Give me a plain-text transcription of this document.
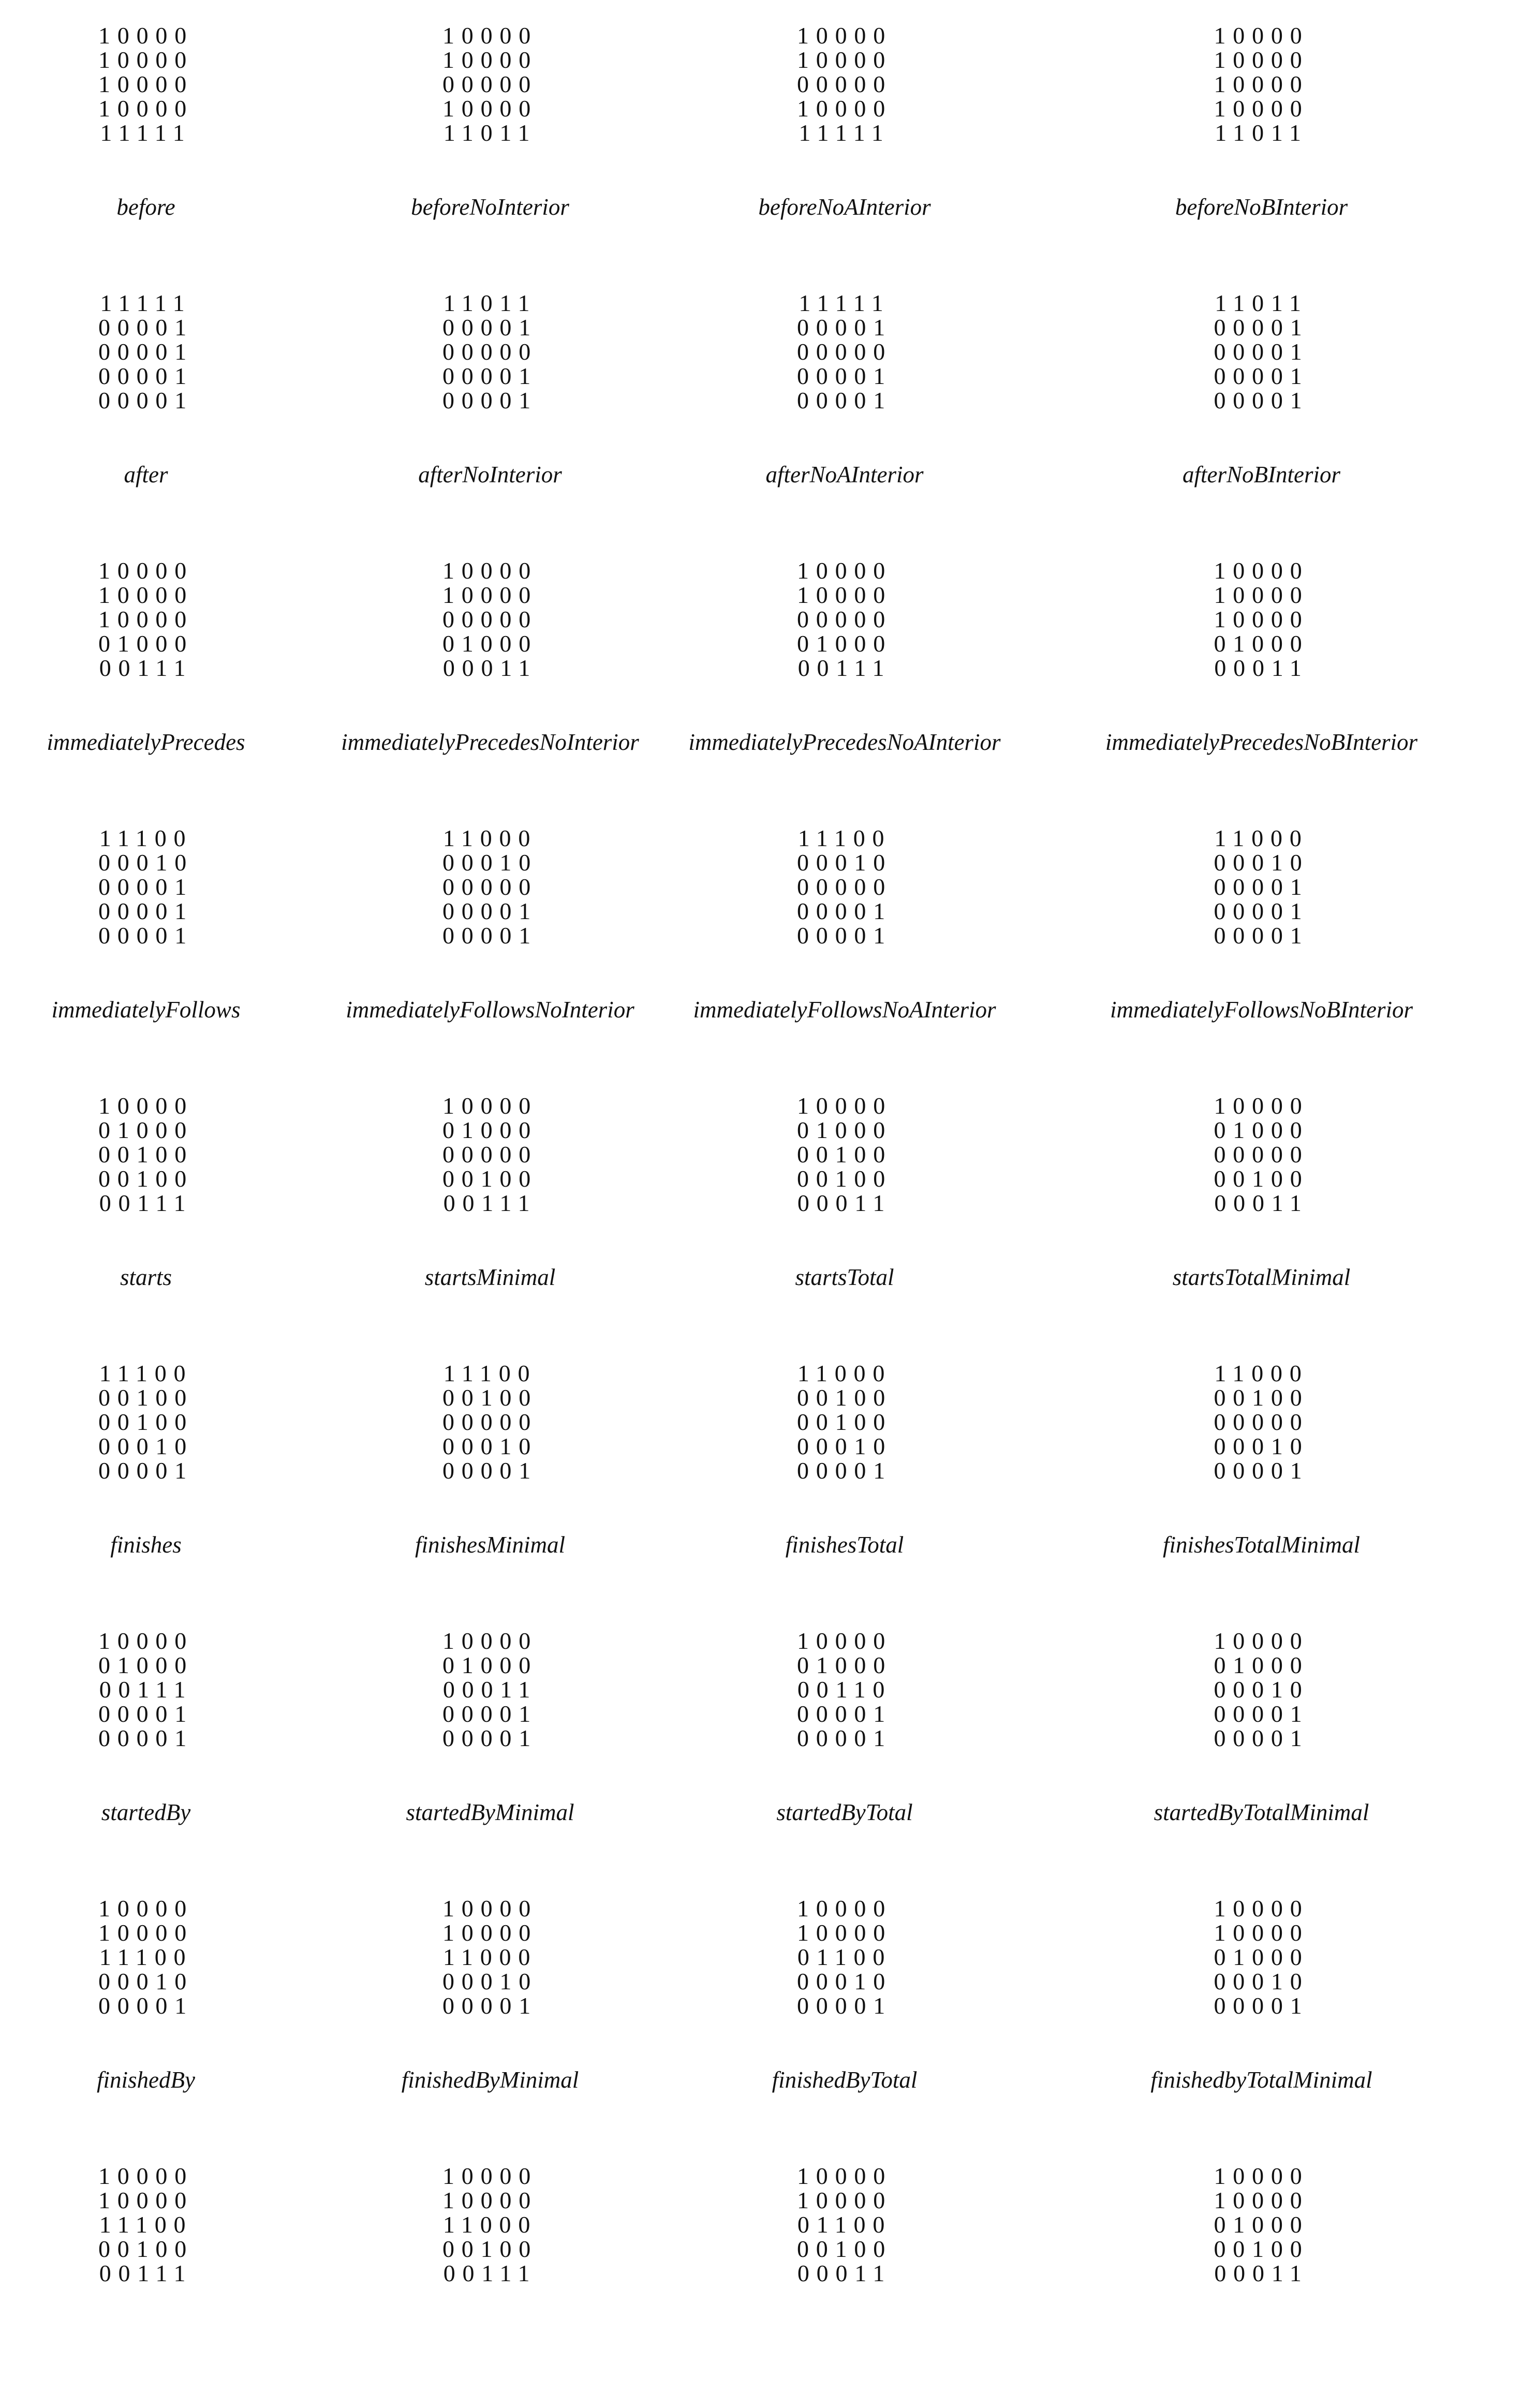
10000
10000
10000
10000
11111
before
10000
10000
00000
10000
11011
beforeNoInterior
10000
10000
00000
10000
11111
beforeNoAInterior
10000
10000
10000
10000
11011
beforeNoBInterior
11111
00001
00001
00001
00001
after
11011
00001
00000
00001
00001
afterNoInterior
11111
00001
00000
00001
00001
afterNoAInterior
11011
00001
00001
00001
00001
afterNoBInterior
10000
10000
10000
01000
00111
immediatelyPrecedes
10000
10000
00000
01000
00011
immediatelyPrecedesNoInterior
10000
10000
00000
01000
00111
immediatelyPrecedesNoAInterior
10000
10000
10000
01000
00011
immediatelyPrecedesNoBInterior
11100
00010
00001
00001
00001
immediatelyFollows
11000
00010
00000
00001
00001
immediatelyFollowsNoInterior
11100
00010
00000
00001
00001
immediatelyFollowsNoAInterior
11000
00010
00001
00001
00001
immediatelyFollowsNoBInterior
10000
01000
00100
00100
00111
starts
10000
01000
00000
00100
00111
startsMinimal
10000
01000
00100
00100
00011
startsTotal
10000
01000
00000
00100
00011
startsTotalMinimal
11100
00100
00100
00010
00001
finishes
11100
00100
00000
00010
00001
finishesMinimal
11000
00100
00100
00010
00001
finishesTotal
11000
00100
00000
00010
00001
finishesTotalMinimal
10000
01000
00111
00001
00001
startedBy
10000
01000
00011
00001
00001
startedByMinimal
10000
01000
00110
00001
00001
startedByTotal
10000
01000
00010
00001
00001
startedByTotalMinimal
10000
10000
11100
00010
00001
finishedBy
10000
10000
11000
00010
00001
finishedByMinimal
10000
10000
01100
00010
00001
finishedByTotal
10000
10000
01000
00010
00001
finishedbyTotalMinimal
10000
10000
11100
00100
00111
10000
10000
11000
00100
00111
10000
10000
01100
00100
00011
10000
10000
01000
00100
00011
